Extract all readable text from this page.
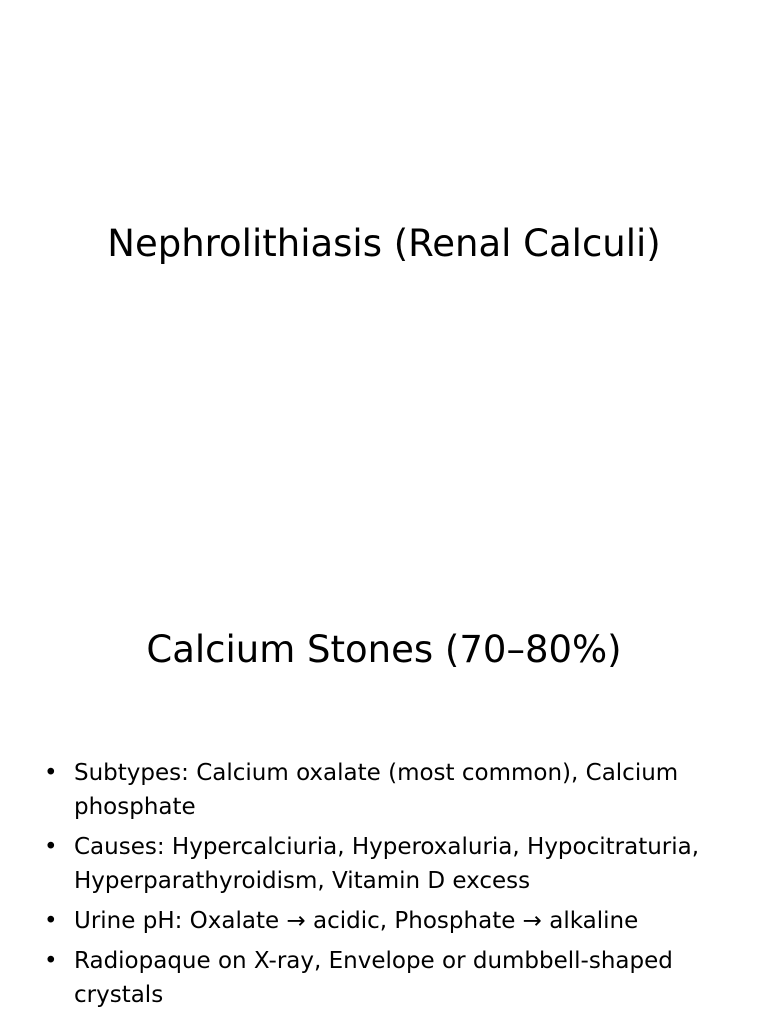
Nephrolithiasis (Renal Calculi)
Calcium Stones (70–80%)
• Subtypes: Calcium oxalate (most common), Calcium phosphate
• Causes: Hypercalciuria, Hyperoxaluria, Hypocitraturia, Hyperparathyroidism, Vitamin D excess
• Urine pH: Oxalate → acidic, Phosphate → alkaline
• Radiopaque on X-ray, Envelope or dumbbell-shaped crystals
